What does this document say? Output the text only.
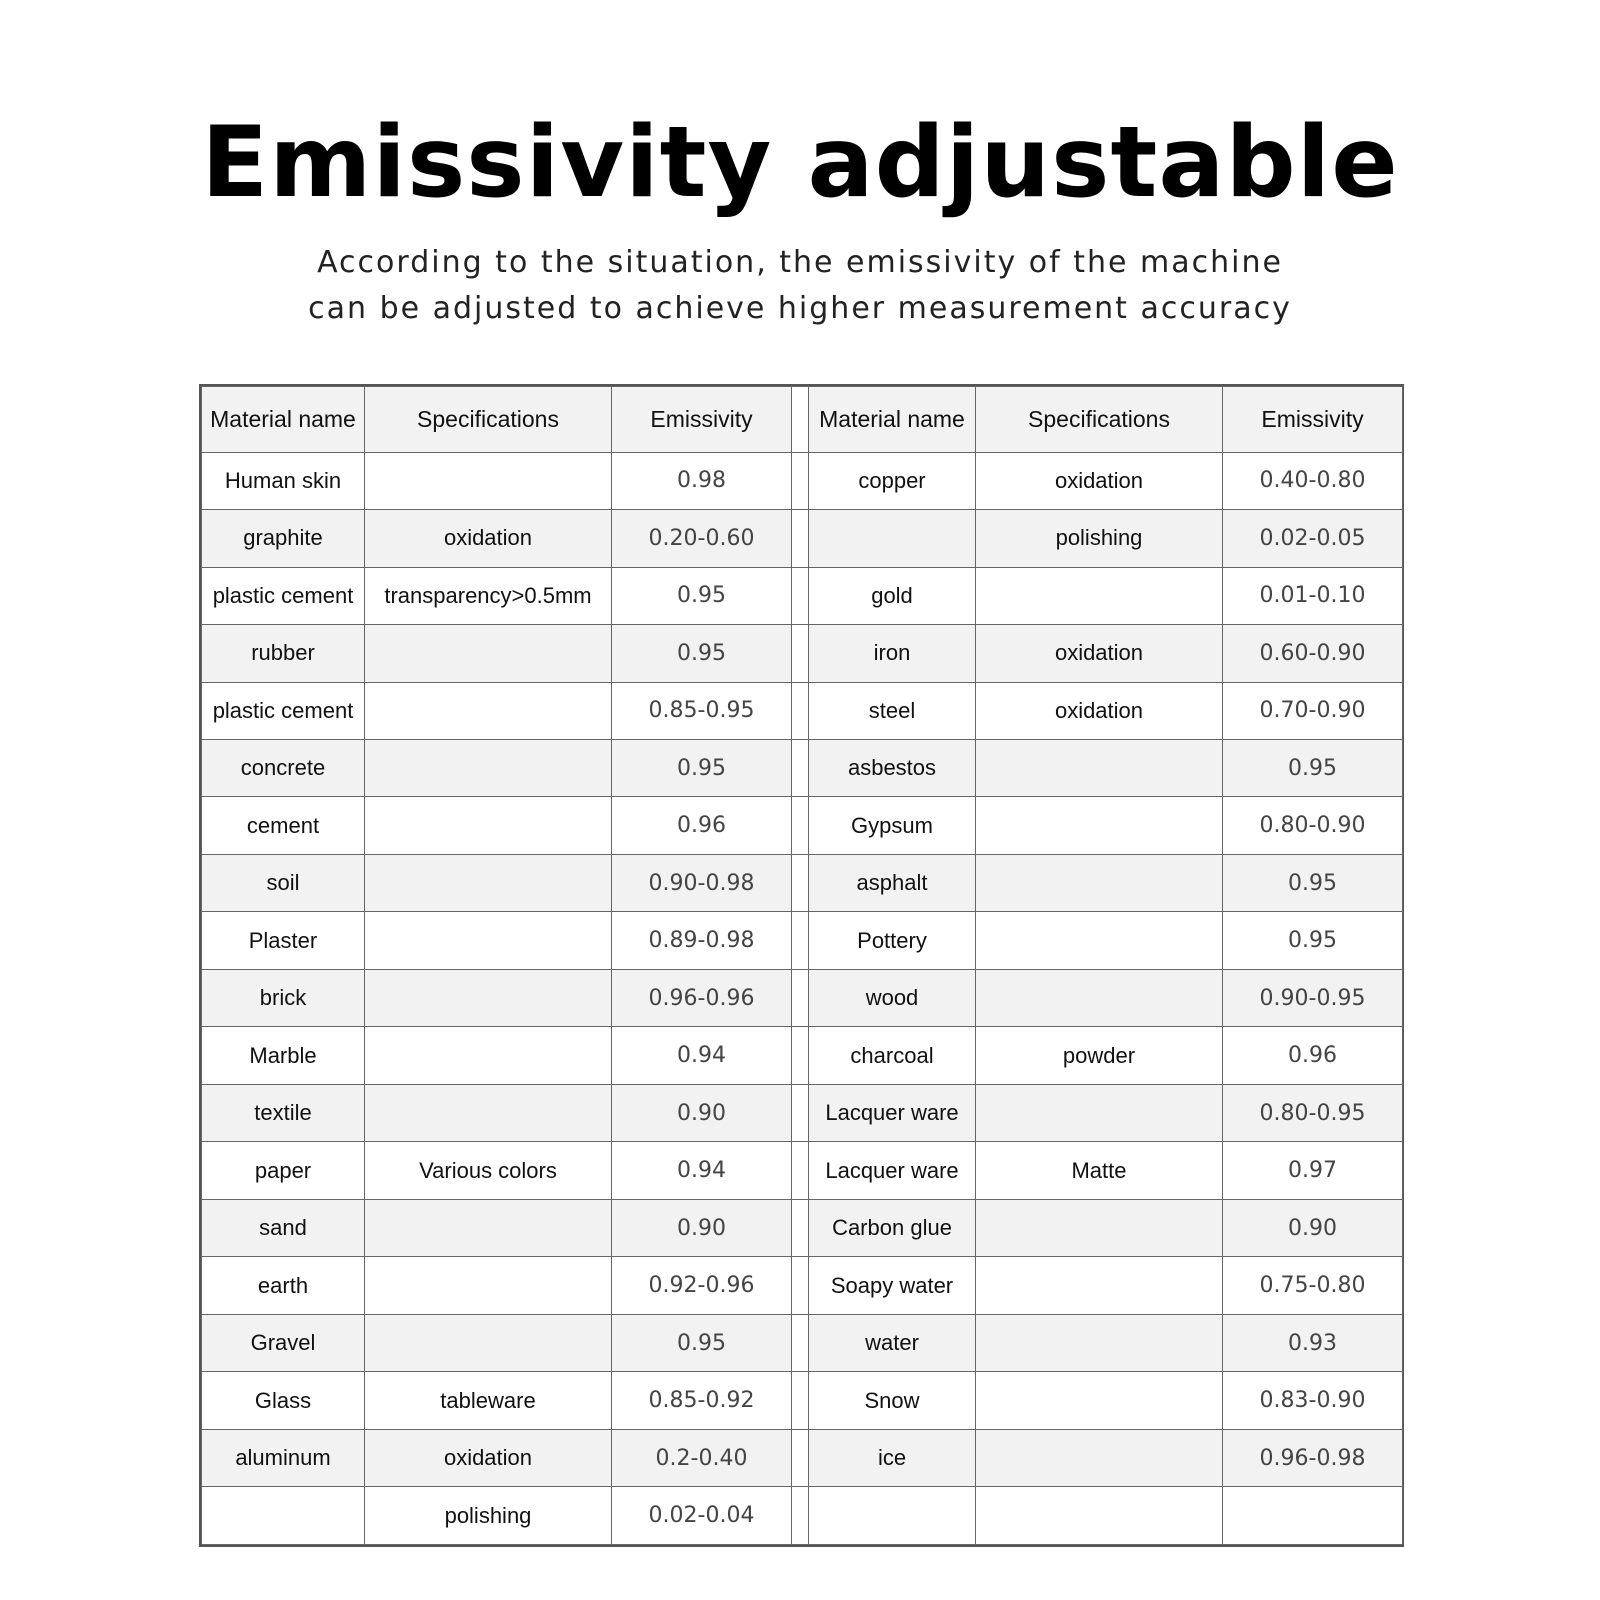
Emissivity adjustable
According to the situation, the emissivity of the machine
can be adjusted to achieve higher measurement accuracy
Material name	Specifications	Emissivity		Material name	Specifications	Emissivity
Human skin		0.98		copper	oxidation	0.40-0.80
graphite	oxidation	0.20-0.60			polishing	0.02-0.05
plastic cement	transparency>0.5mm	0.95		gold		0.01-0.10
rubber		0.95		iron	oxidation	0.60-0.90
plastic cement		0.85-0.95		steel	oxidation	0.70-0.90
concrete		0.95		asbestos		0.95
cement		0.96		Gypsum		0.80-0.90
soil		0.90-0.98		asphalt		0.95
Plaster		0.89-0.98		Pottery		0.95
brick		0.96-0.96		wood		0.90-0.95
Marble		0.94		charcoal	powder	0.96
textile		0.90		Lacquer ware		0.80-0.95
paper	Various colors	0.94		Lacquer ware	Matte	0.97
sand		0.90		Carbon glue		0.90
earth		0.92-0.96		Soapy water		0.75-0.80
Gravel		0.95		water		0.93
Glass	tableware	0.85-0.92		Snow		0.83-0.90
aluminum	oxidation	0.2-0.40		ice		0.96-0.98
	polishing	0.02-0.04				
